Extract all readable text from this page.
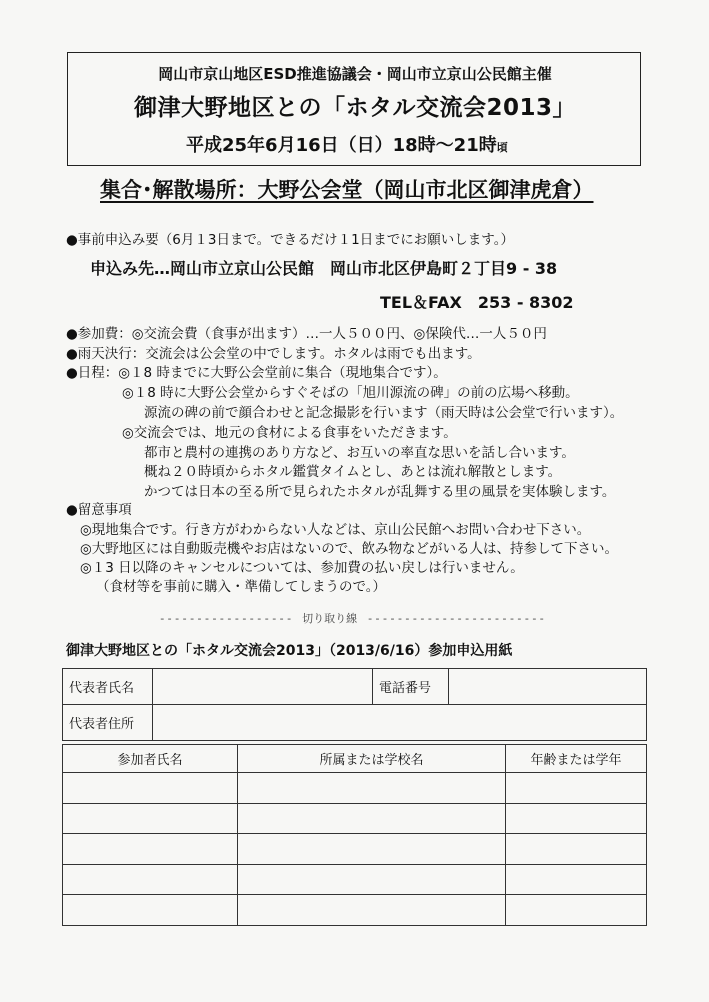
岡山市京山地区ESD推進協議会・岡山市立京山公民館主催
御津大野地区との「ホタル交流会2013」
平成25年6月16日（日）18時～21時頃
集合･解散場所：大野公会堂（岡山市北区御津虎倉）
●事前申込み要（6月１3日まで。できるだけ１1日までにお願いします。）
申込み先…岡山市立京山公民館　岡山市北区伊島町２丁目9 - 38
TEL＆FAX　253 - 8302
●参加費：◎交流会費（食事が出ます）…一人５００円、◎保険代…一人５０円
●雨天決行：交流会は公会堂の中でします。ホタルは雨でも出ます。
●日程：◎１8 時までに大野公会堂前に集合（現地集合です）。
◎１8 時に大野公会堂からすぐそばの「旭川源流の碑」の前の広場へ移動。
源流の碑の前で顔合わせと記念撮影を行います（雨天時は公会堂で行います）。
◎交流会では、地元の食材による食事をいただきます。
都市と農村の連携のあり方など、お互いの率直な思いを話し合います。
概ね２０時頃からホタル鑑賞タイムとし、あとは流れ解散とします。
かつては日本の至る所で見られたホタルが乱舞する里の風景を実体験します。
●留意事項
◎現地集合です。行き方がわからない人などは、京山公民館へお問い合わせ下さい。
◎大野地区には自動販売機やお店はないので、飲み物などがいる人は、持参して下さい。
◎１3 日以降のキャンセルについては、参加費の払い戻しは行いません。
（食材等を事前に購入・準備してしまうので。）
- - - - - - - - - - - - - - - - - -　切り取り線　- - - - - - - - - - - - - - - - - - - - - - - -
御津大野地区との「ホタル交流会2013」（2013/6/16）参加申込用紙
代表者氏名		電話番号	
代表者住所			
参加者氏名	所属または学校名	年齢または学年
